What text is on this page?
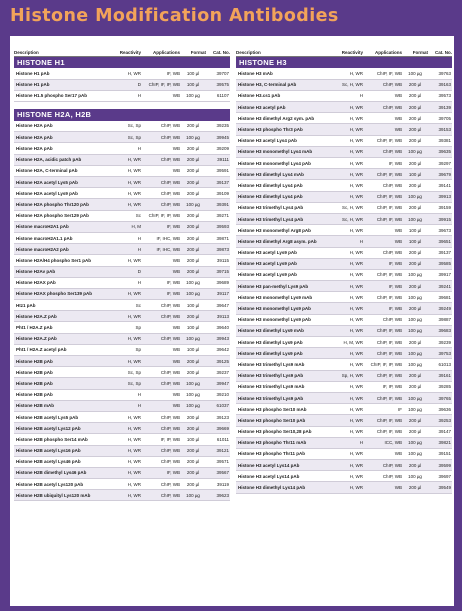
Histone Modification Antibodies
Description	Reactivity	Applications	Format	Cat. No.
HISTONE H1				
Histone H1 pAb	H, WR	IF, WB	100 µl	39707
Histone H1 pAb	D	ChIP, IF, IP, WB	100 µl	39575
Histone H1.5 phospho Ser17 pAb	H	WB	100 µg	61107

HISTONE H2A, H2B				
Histone H2A pAb	Sc, Sp	ChIP, WB	200 µl	39235
Histone H2A pAb	Sc, Sp	ChIP, WB	100 µg	39945
Histone H2A pAb	H	WB	200 µl	39209
Histone H2A, acidic patch pAb	H, WR	ChIP, WB	200 µl	39111
Histone H2A, C-terminal pAb	H, WR	WB	200 µl	39591
Histone H2A acetyl Lys5 pAb	H, WR	ChIP, WB	200 µl	39137
Histone H2A acetyl Lys9 pAb	H, WR	ChIP, WB	200 µl	39109
Histone H2A phospho Thr120 pAb	H, WR	ChIP, WB	100 µg	39391
Histone H2A phospho Ser129 pAb	Sc	ChIP, IF, IP, WB	200 µl	39271
Histone macroH2A1 pAb	H, M	IF, WB	200 µl	39593
Histone macroH2A1.1 pAb	H	IF, IHC, WB	200 µl	39871
Histone macroH2A2 pAb	H	IF, IHC, WB	200 µl	39873
Histone H2A/H4 phospho Ser1 pAb	H, WR	WB	200 µl	39115
Histone H2Av pAb	D	WB	200 µl	39715
Histone H2AX pAb	H	IF, WB	100 µg	39689
Histone H2AX phospho Ser139 pAb	H, WR	IF, WB	100 µg	39117
Htz1 pAb	Sc	ChIP, WB	100 µl	39647
Histone H2A.Z pAb	H, WR	ChIP, WB	200 µl	39113
Pht1 / H2A.Z pAb	Sp	WB	100 µl	39640
Histone H2A.Z pAb	H, WR	ChIP, WB	100 µg	39943
Pht1 / H2A.Z acetyl pAb	Sp	WB	100 µl	39642
Histone H2B pAb	H, WR	WB	200 µl	39125
Histone H2B pAb	Sc, Sp	ChIP, WB	200 µl	39237
Histone H2B pAb	Sc, Sp	ChIP, WB	100 µg	39947
Histone H2B pAb	H	WB	100 µg	39210
Histone H2B mAb	H	WB	100 µg	61037
Histone H2B acetyl Lys5 pAb	H, WR	ChIP, WB	200 µl	39123
Histone H2B acetyl Lys12 pAb	H, WR	ChIP, WB	200 µl	39669
Histone H2B phospho Ser14 mAb	H, WR	IF, IP, WB	100 µl	61011
Histone H2B acetyl Lys16 pAb	H, WR	ChIP, WB	200 µl	39121
Histone H2B acetyl Lys46 pAb	H, WR	ChIP, WB	200 µl	39571
Histone H2B dimethyl Lys46 pAb	H, WR	IF, WB	200 µl	39567
Histone H2B acetyl Lys120 pAb	H, WR	ChIP, WB	200 µl	39119
Histone H2B ubiquityl Lys120 mAb	H, WR	ChIP, WB	100 µg	39623
Description	Reactivity	Applications	Format	Cat. No.
HISTONE H3				
Histone H3 mAb	H, WR	ChIP, IF, WB	100 µg	39763
Histone H3, C-terminal pAb	Sc, H, WR	ChIP, WB	200 µl	39163
Histone H3.cs1 pAb	H	WB	200 µl	39573
Histone H3 acetyl pAb	H, WR	ChIP, WB	200 µl	39139
Histone H3 dimethyl Arg2 sym. pAb	H, WR	WB	200 µl	39705
Histone H3 phospho Thr3 pAb	H, WR	WB	200 µl	39153
Histone H3 acetyl Lys4 pAb	H, WR	ChIP, IF, WB	200 µl	39381
Histone H3 monomethyl Lys4 mAb	H, WR	ChIP, WB	100 µg	39635
Histone H3 monomethyl Lys4 pAb	H, WR	IF, WB	200 µl	39297
Histone H3 dimethyl Lys4 mAb	H, WR	ChIP, IF, WB	100 µl	39679
Histone H3 dimethyl Lys4 pAb	H, WR	ChIP, WB	200 µl	39141
Histone H3 dimethyl Lys4 pAb	H, WR	ChIP, IF, WB	100 µg	39913
Histone H3 trimethyl Lys4 pAb	Sc, H, WR	ChIP, IF, WB	200 µl	39159
Histone H3 trimethyl Lys4 pAb	Sc, H, WR	ChIP, IF, WB	100 µg	39915
Histone H3 monomethyl Arg8 pAb	H, WR	WB	100 µl	39673
Histone H3 dimethyl Arg8 asym. pAb	H	WB	100 µl	39651
Histone H3 acetyl Lys9 pAb	H, WR	ChIP, WB	200 µl	39137
Histone H3 acetyl Lys9 pAb	H, WR	IF, WB	200 µl	39585
Histone H3 acetyl Lys9 pAb	H, WR	ChIP, IF, WB	100 µg	39917
Histone H3 pan-methyl Lys9 pAb	H, WR	IF, WB	200 µl	39241
Histone H3 monomethyl Lys9 mAb	H, WR	ChIP, IF, WB	100 µg	39681
Histone H3 monomethyl Lys9 pAb	H, WR	IF, WB	200 µl	39249
Histone H3 monomethyl Lys9 pAb	H, WR	ChIP, WB	100 µg	39887
Histone H3 dimethyl Lys9 mAb	H, WR	ChIP, IF, WB	100 µg	39683
Histone H3 dimethyl Lys9 pAb	H, M, WR	ChIP, IF, WB	200 µl	39239
Histone H3 dimethyl Lys9 pAb	H, WR	ChIP, IF, WB	100 µg	39753
Histone H3 trimethyl Lys9 mAb	H, WR	ChIP, IF, IP, WB	100 µg	61013
Histone H3 trimethyl Lys9 pAb	Sp, H, WR	ChIP, IF, WB	200 µl	39161
Histone H3 trimethyl Lys9 mAb	H, WR	IF, IP, WB	200 µl	39285
Histone H3 trimethyl Lys9 pAb	H, WR	ChIP, IF, WB	100 µg	39765
Histone H3 phospho Ser10 mAb	H, WR	IF	100 µg	39636
Histone H3 phospho Ser10 pAb	H, WR	ChIP, IF, WB	200 µl	39253
Histone H3 phospho Ser10,28 pAb	H, WR	ChIP, IF, WB	200 µl	39147
Histone H3 phospho Thr11 mAb	H	ICC, WB	100 µg	39821
Histone H3 phospho Thr11 pAb	H, WR	WB	100 µg	39151
Histone H3 acetyl Lys14 pAb	H, WR	ChIP, WB	200 µl	39599
Histone H3 acetyl Lys14 pAb	H, WR	ChIP, WB	100 µg	39697
Histone H3 dimethyl Lys14 pAb	H, WR	WB	200 µl	39549
